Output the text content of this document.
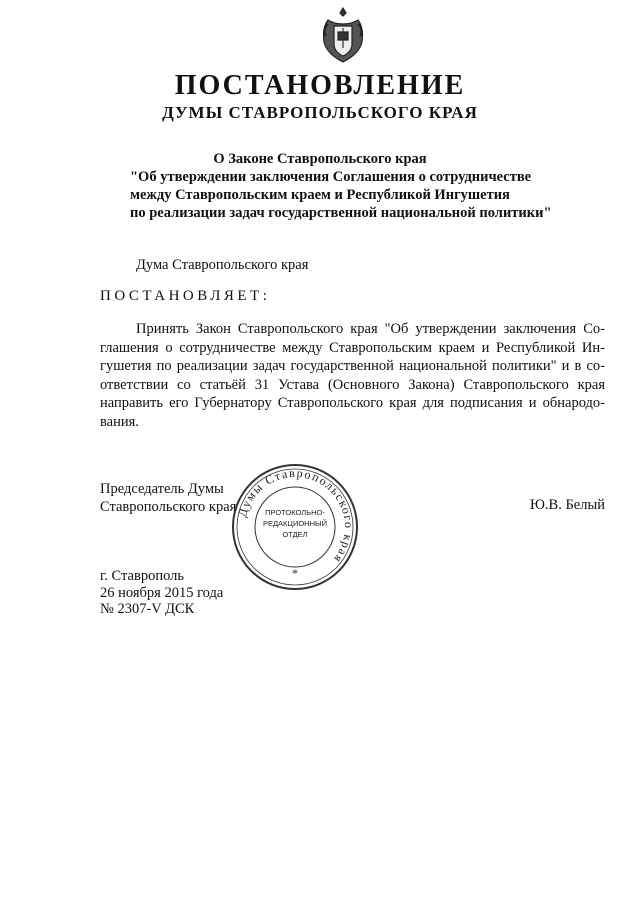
ПОСТАНОВЛЕНИЕ
ДУМЫ СТАВРОПОЛЬСКОГО КРАЯ
О Законе Ставропольского края
"Об утверждении заключения Соглашения о сотрудничестве
между Ставропольским краем и Республикой Ингушетия
по реализации задач государственной национальной политики"
Дума Ставропольского края
ПОСТАНОВЛЯЕТ:
Принять Закон Ставропольского края "Об утверждении заключения Со-
глашения о сотрудничестве между Ставропольским краем и Республикой Ин-
гушетия по реализации задач государственной национальной политики" и в со-
ответствии со статьёй 31 Устава (Основного Закона) Ставропольского края
направить его Губернатору Ставропольского края для подписания и обнародо-
вания.
Председатель Думы
Ставропольского края	Ю.В. Белый
Думы Ставропольского края
ПРОТОКОЛЬНО-
РЕДАКЦИОННЫЙ
ОТДЕЛ
*
г. Ставрополь
26 ноября 2015 года
№ 2307-V ДСК
